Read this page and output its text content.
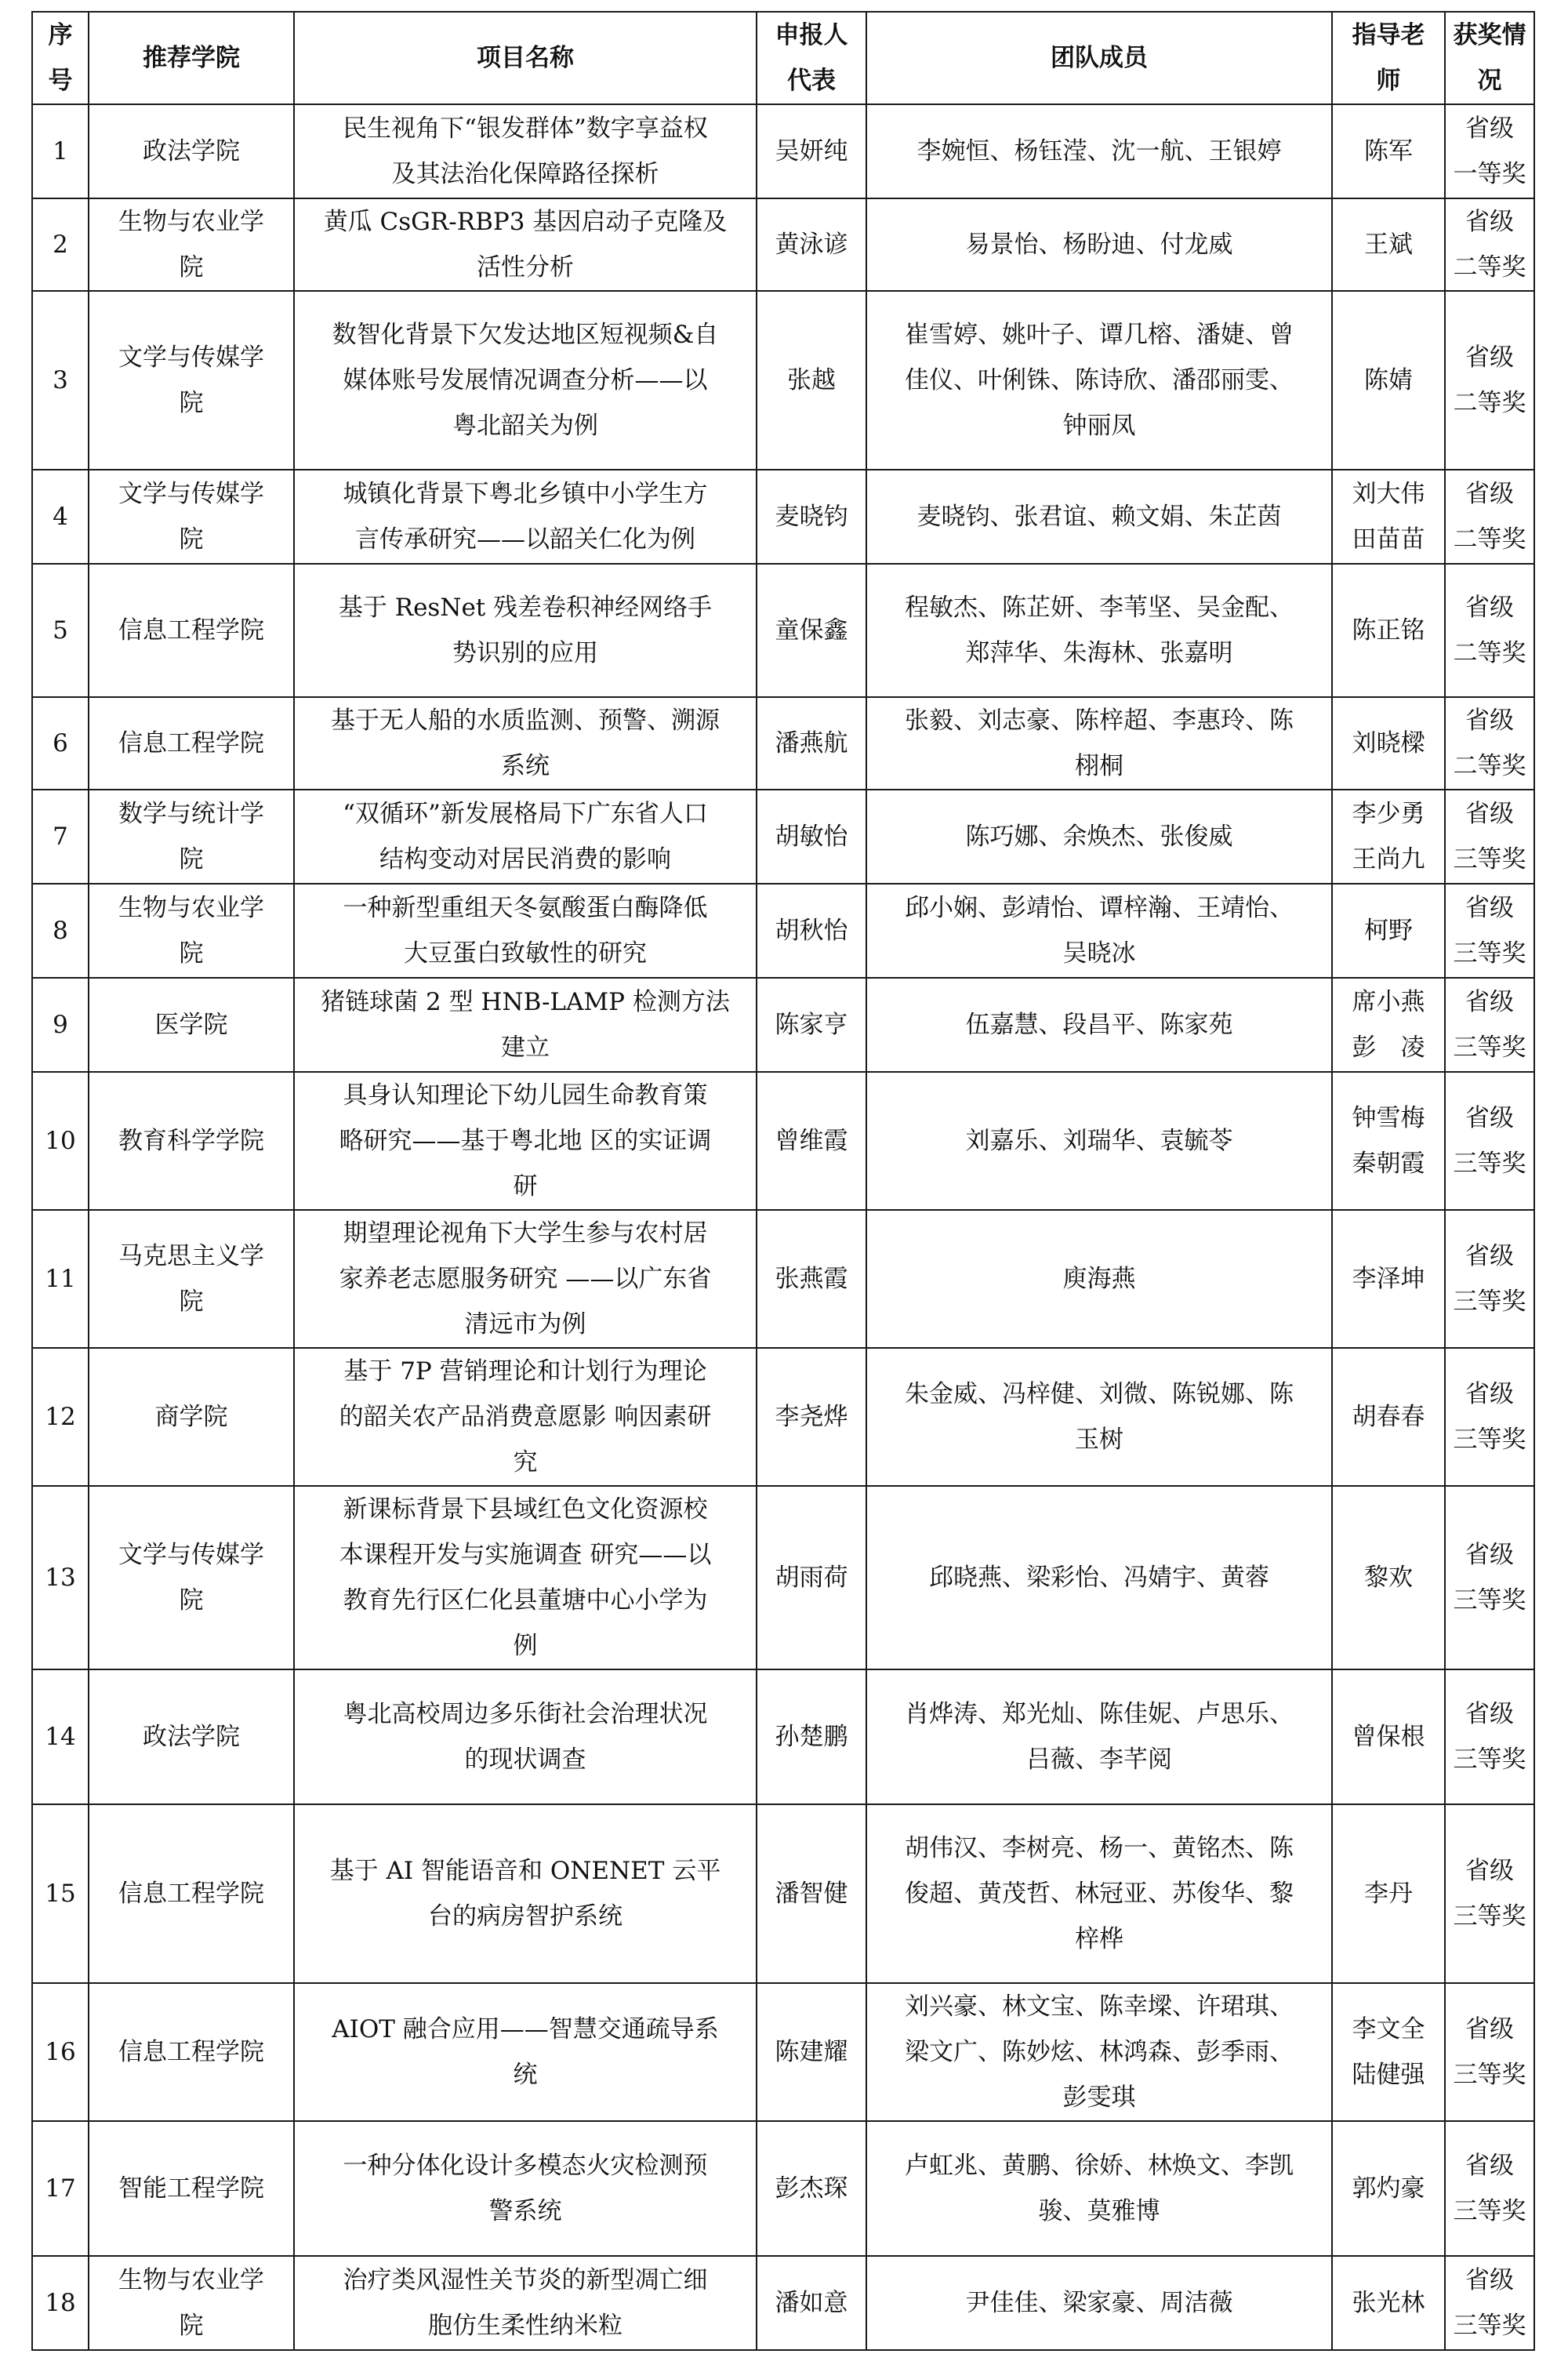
序
号	推荐学院	项目名称	申报人
代表	团队成员	指导老
师	获奖情
况
1	政法学院	民生视角下“银发群体”数字享益权
及其法治化保障路径探析	吴妍纯	李婉恒、杨钰滢、沈一航、王银婷	陈军	省级
一等奖
2	生物与农业学
院	黄瓜 CsGR-RBP3 基因启动子克隆及
活性分析	黄泳谚	易景怡、杨盼迪、付龙威	王斌	省级
二等奖
3	文学与传媒学
院	数智化背景下欠发达地区短视频&自
媒体账号发展情况调查分析——以
粤北韶关为例	张越	崔雪婷、姚叶子、谭几榕、潘婕、曾
佳仪、叶俐铢、陈诗欣、潘邵丽雯、
钟丽凤	陈婧	省级
二等奖
4	文学与传媒学
院	城镇化背景下粤北乡镇中小学生方
言传承研究——以韶关仁化为例	麦晓钧	麦晓钧、张君谊、赖文娟、朱芷茵	刘大伟
田苗苗	省级
二等奖
5	信息工程学院	基于 ResNet 残差卷积神经网络手
势识别的应用	童保鑫	程敏杰、陈芷妍、李苇坚、吴金配、
郑萍华、朱海林、张嘉明	陈正铭	省级
二等奖
6	信息工程学院	基于无人船的水质监测、预警、溯源
系统	潘燕航	张毅、刘志豪、陈梓超、李惠玲、陈
栩桐	刘晓樑	省级
二等奖
7	数学与统计学
院	“双循环”新发展格局下广东省人口
结构变动对居民消费的影响	胡敏怡	陈巧娜、余焕杰、张俊威	李少勇
王尚九	省级
三等奖
8	生物与农业学
院	一种新型重组天冬氨酸蛋白酶降低
大豆蛋白致敏性的研究	胡秋怡	邱小娴、彭靖怡、谭梓瀚、王靖怡、
吴晓冰	柯野	省级
三等奖
9	医学院	猪链球菌 2 型 HNB-LAMP 检测方法
建立	陈家亨	伍嘉慧、段昌平、陈家苑	席小燕
彭　凌	省级
三等奖
10	教育科学学院	具身认知理论下幼儿园生命教育策
略研究——基于粤北地 区的实证调
研	曾维霞	刘嘉乐、刘瑞华、袁毓苓	钟雪梅
秦朝霞	省级
三等奖
11	马克思主义学
院	期望理论视角下大学生参与农村居
家养老志愿服务研究 ——以广东省
清远市为例	张燕霞	庾海燕	李泽坤	省级
三等奖
12	商学院	基于 7P 营销理论和计划行为理论
的韶关农产品消费意愿影 响因素研
究	李尧烨	朱金威、冯梓健、刘微、陈锐娜、陈
玉树	胡春春	省级
三等奖
13	文学与传媒学
院	新课标背景下县域红色文化资源校
本课程开发与实施调查 研究——以
教育先行区仁化县董塘中心小学为
例	胡雨荷	邱晓燕、梁彩怡、冯婧宇、黄蓉	黎欢	省级
三等奖
14	政法学院	粤北高校周边多乐街社会治理状况
的现状调查	孙楚鹏	肖烨涛、郑光灿、陈佳妮、卢思乐、
吕薇、李芊阅	曾保根	省级
三等奖
15	信息工程学院	基于 AI 智能语音和 ONENET 云平
台的病房智护系统	潘智健	胡伟汉、李树亮、杨一、黄铭杰、陈
俊超、黄茂哲、林冠亚、苏俊华、黎
梓桦	李丹	省级
三等奖
16	信息工程学院	AIOT 融合应用——智慧交通疏导系
统	陈建耀	刘兴豪、林文宝、陈幸墚、许珺琪、
梁文广、陈妙炫、林鸿森、彭季雨、
彭雯琪	李文全
陆健强	省级
三等奖
17	智能工程学院	一种分体化设计多模态火灾检测预
警系统	彭杰琛	卢虹兆、黄鹏、徐娇、林焕文、李凯
骏、莫雅博	郭灼豪	省级
三等奖
18	生物与农业学
院	治疗类风湿性关节炎的新型凋亡细
胞仿生柔性纳米粒	潘如意	尹佳佳、梁家豪、周洁薇	张光林	省级
三等奖
